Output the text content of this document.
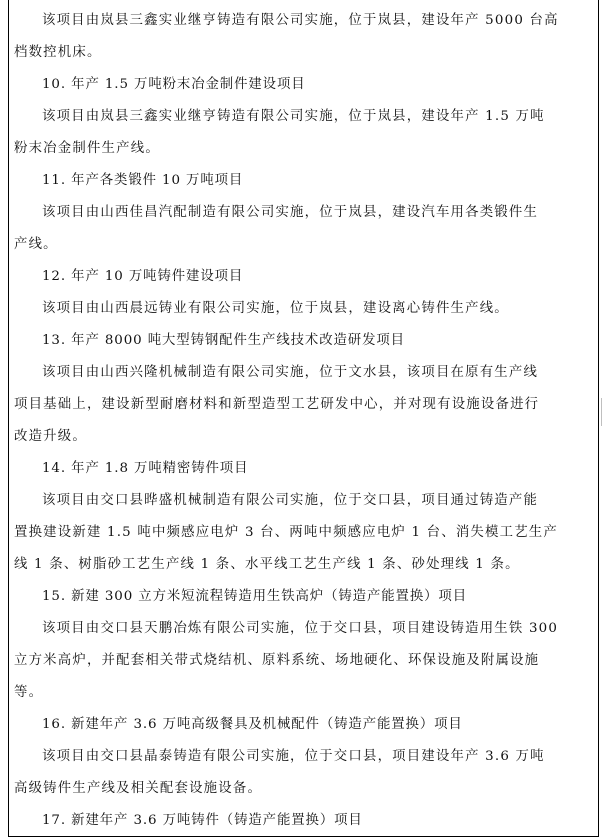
该项目由岚县三鑫实业继亨铸造有限公司实施，位于岚县，建设年产 5000 台高
档数控机床。
10. 年产 1.5 万吨粉末冶金制件建设项目
该项目由岚县三鑫实业继亨铸造有限公司实施，位于岚县，建设年产 1.5 万吨
粉末冶金制件生产线。
11. 年产各类锻件 10 万吨项目
该项目由山西佳昌汽配制造有限公司实施，位于岚县，建设汽车用各类锻件生
产线。
12. 年产 10 万吨铸件建设项目
该项目由山西晨远铸业有限公司实施，位于岚县，建设离心铸件生产线。
13. 年产 8000 吨大型铸钢配件生产线技术改造研发项目
该项目由山西兴隆机械制造有限公司实施，位于文水县，该项目在原有生产线
项目基础上，建设新型耐磨材料和新型造型工艺研发中心，并对现有设施设备进行
改造升级。
14. 年产 1.8 万吨精密铸件项目
该项目由交口县晔盛机械制造有限公司实施，位于交口县，项目通过铸造产能
置换建设新建 1.5 吨中频感应电炉 3 台、两吨中频感应电炉 1 台、消失模工艺生产
线 1 条、树脂砂工艺生产线 1 条、水平线工艺生产线 1 条、砂处理线 1 条。
15. 新建 300 立方米短流程铸造用生铁高炉（铸造产能置换）项目
该项目由交口县天鹏冶炼有限公司实施，位于交口县，项目建设铸造用生铁 300
立方米高炉，并配套相关带式烧结机、原料系统、场地硬化、环保设施及附属设施
等。
16. 新建年产 3.6 万吨高级餐具及机械配件（铸造产能置换）项目
该项目由交口县晶泰铸造有限公司实施，位于交口县，项目建设年产 3.6 万吨
高级铸件生产线及相关配套设施设备。
17. 新建年产 3.6 万吨铸件（铸造产能置换）项目
